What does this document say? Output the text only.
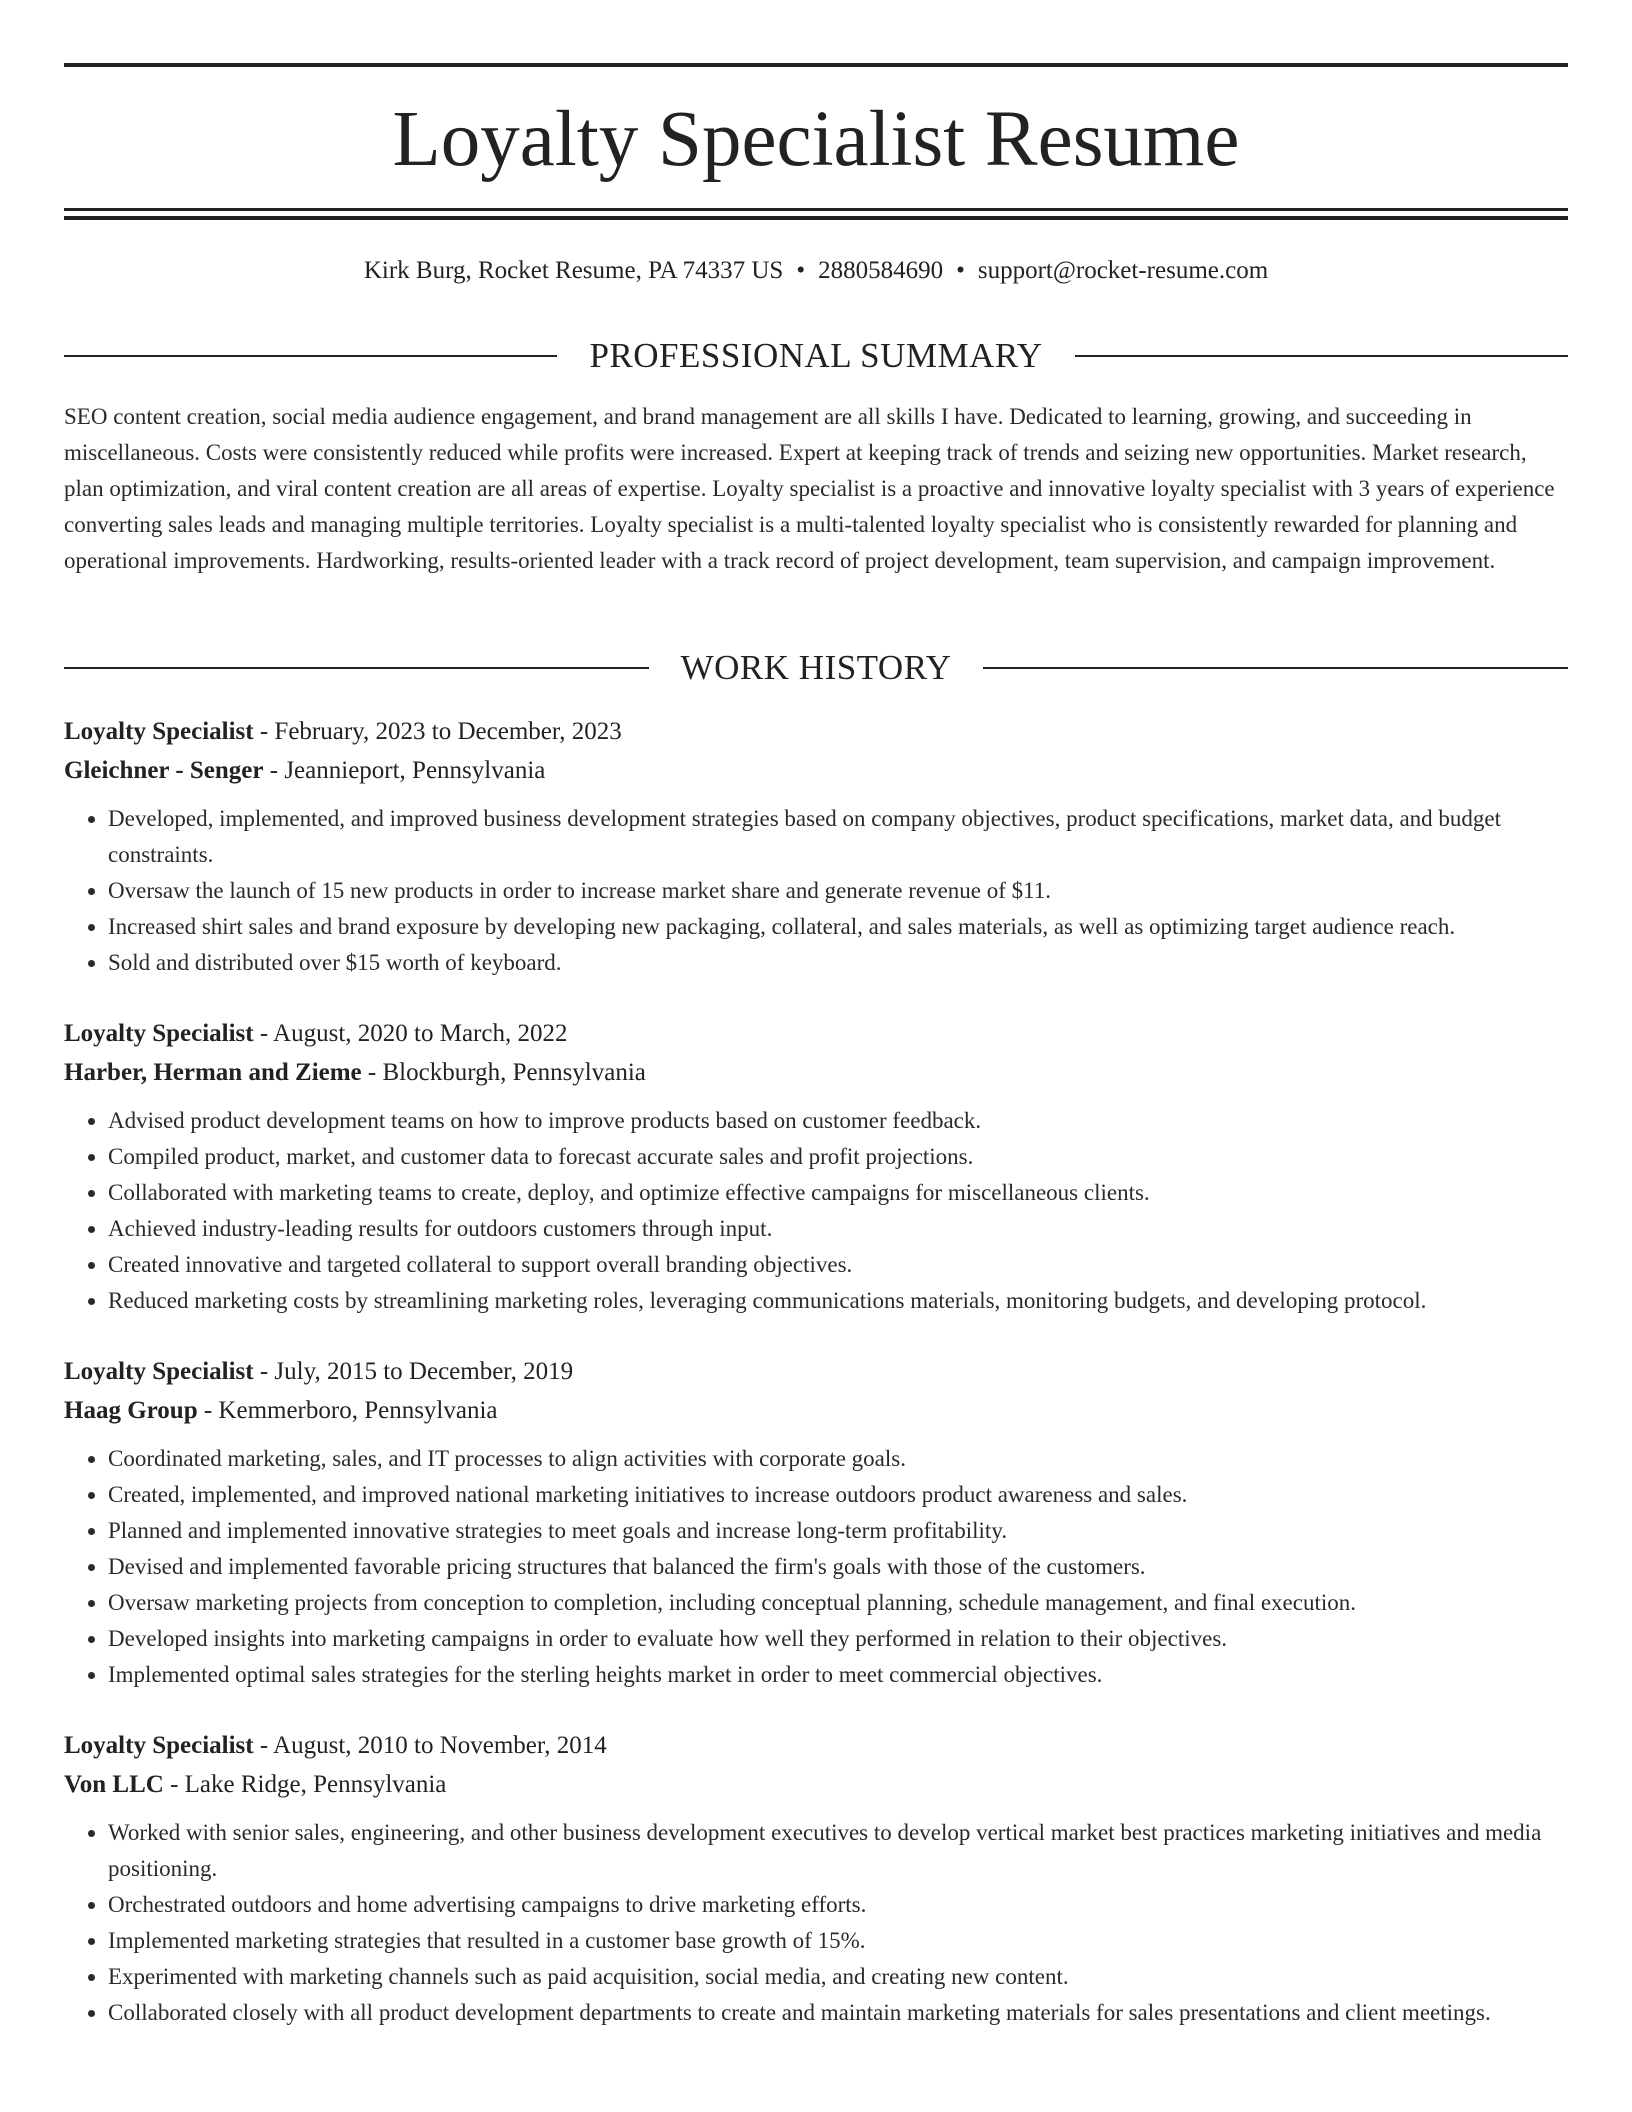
Loyalty Specialist Resume
Kirk Burg, Rocket Resume, PA 74337 US • 2880584690 • support@rocket-resume.com
PROFESSIONAL SUMMARY

SEO content creation, social media audience engagement, and brand management are all skills I have. Dedicated to learning, growing, and succeeding in miscellaneous. Costs were consistently reduced while profits were increased. Expert at keeping track of trends and seizing new opportunities. Market research, plan optimization, and viral content creation are all areas of expertise. Loyalty specialist is a proactive and innovative loyalty specialist with 3 years of experience converting sales leads and managing multiple territories. Loyalty specialist is a multi-talented loyalty specialist who is consistently rewarded for planning and operational improvements. Hardworking, results-oriented leader with a track record of project development, team supervision, and campaign improvement.

WORK HISTORY
Loyalty Specialist - February, 2023 to December, 2023
Gleichner - Senger - Jeannieport, Pennsylvania
• Developed, implemented, and improved business development strategies based on company objectives, product specifications, market data, and budget constraints.
• Oversaw the launch of 15 new products in order to increase market share and generate revenue of $11.
• Increased shirt sales and brand exposure by developing new packaging, collateral, and sales materials, as well as optimizing target audience reach.
• Sold and distributed over $15 worth of keyboard.
Loyalty Specialist - August, 2020 to March, 2022
Harber, Herman and Zieme - Blockburgh, Pennsylvania
• Advised product development teams on how to improve products based on customer feedback.
• Compiled product, market, and customer data to forecast accurate sales and profit projections.
• Collaborated with marketing teams to create, deploy, and optimize effective campaigns for miscellaneous clients.
• Achieved industry-leading results for outdoors customers through input.
• Created innovative and targeted collateral to support overall branding objectives.
• Reduced marketing costs by streamlining marketing roles, leveraging communications materials, monitoring budgets, and developing protocol.
Loyalty Specialist - July, 2015 to December, 2019
Haag Group - Kemmerboro, Pennsylvania
• Coordinated marketing, sales, and IT processes to align activities with corporate goals.
• Created, implemented, and improved national marketing initiatives to increase outdoors product awareness and sales.
• Planned and implemented innovative strategies to meet goals and increase long-term profitability.
• Devised and implemented favorable pricing structures that balanced the firm's goals with those of the customers.
• Oversaw marketing projects from conception to completion, including conceptual planning, schedule management, and final execution.
• Developed insights into marketing campaigns in order to evaluate how well they performed in relation to their objectives.
• Implemented optimal sales strategies for the sterling heights market in order to meet commercial objectives.
Loyalty Specialist - August, 2010 to November, 2014
Von LLC - Lake Ridge, Pennsylvania
• Worked with senior sales, engineering, and other business development executives to develop vertical market best practices marketing initiatives and media positioning.
• Orchestrated outdoors and home advertising campaigns to drive marketing efforts.
• Implemented marketing strategies that resulted in a customer base growth of 15%.
• Experimented with marketing channels such as paid acquisition, social media, and creating new content.
• Collaborated closely with all product development departments to create and maintain marketing materials for sales presentations and client meetings.
